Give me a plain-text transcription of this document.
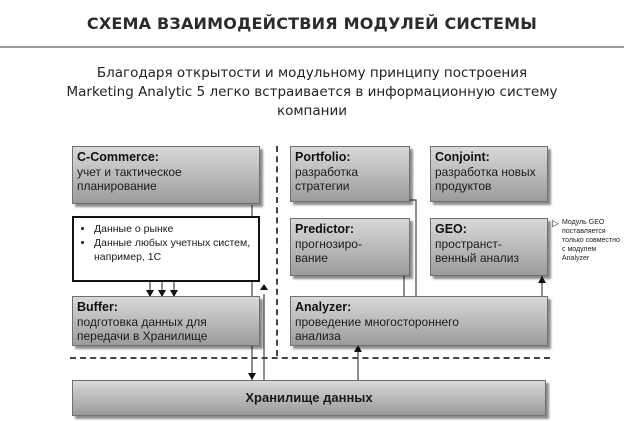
СХЕМА ВЗАИМОДЕЙСТВИЯ МОДУЛЕЙ СИСТЕМЫ
Благодаря открытости и модульному принципу построения
Marketing Analytic 5 легко встраивается в информационную систему
компании
C-Commerce:
учет и тактическое
планирование
Portfolio:
разработка
стратегии
Conjoint:
разработка новых
продуктов
• Данные о рынке
• Данные любых учетных систем, например, 1С
Predictor:
прогнозиро-
вание
GEO:
пространст-
венный анализ
▷ Модуль GEO поставляется только совместно с модулем Analyzer
Buffer:
подготовка данных для
передачи в Хранилище
Analyzer:
проведение многостороннего
анализа
Хранилище данных
